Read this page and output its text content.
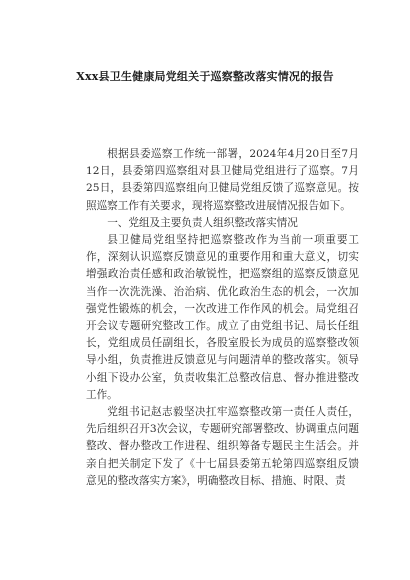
Xxx县卫生健康局党组关于巡察整改落实情况的报告

根据县委巡察工作统一部署，2024年4月20日至7月12日，县委第四巡察组对县卫健局党组进行了巡察。7月25日，县委第四巡察组向卫健局党组反馈了巡察意见。按照巡察工作有关要求，现将巡察整改进展情况报告如下。

一、党组及主要负责人组织整改落实情况

县卫健局党组坚持把巡察整改作为当前一项重要工作，深刻认识巡察反馈意见的重要作用和重大意义，切实增强政治责任感和政治敏锐性，把巡察组的巡察反馈意见当作一次洗洗澡、治治病、优化政治生态的机会，一次加强党性锻炼的机会，一次改进工作作风的机会。局党组召开会议专题研究整改工作。成立了由党组书记、局长任组长，党组成员任副组长，各股室股长为成员的巡察整改领导小组，负责推进反馈意见与问题清单的整改落实。领导小组下设办公室，负责收集汇总整改信息、督办推进整改工作。

党组书记赵志毅坚决扛牢巡察整改第一责任人责任，先后组织召开3次会议，专题研究部署整改、协调重点问题整改、督办整改工作进程、组织筹备专题民主生活会。并亲自把关制定下发了《十七届县委第五轮第四巡察组反馈意见的整改落实方案》，明确整改目标、措施、时限、责
